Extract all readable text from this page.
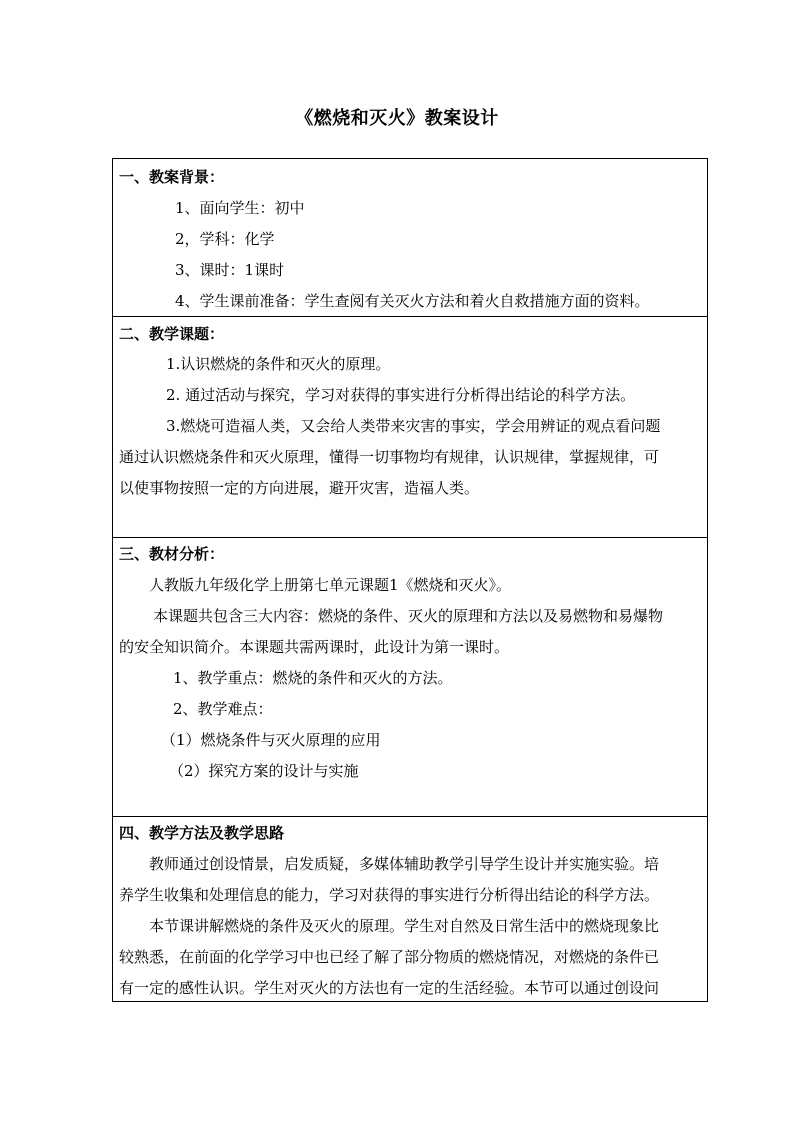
《燃烧和灭火》教案设计
一、教案背景：
1、面向学生：初中
2，学科：化学
3、课时：1课时
4、学生课前准备：学生查阅有关灭火方法和着火自救措施方面的资料。
二、教学课题：
1.认识燃烧的条件和灭火的原理。
2. 通过活动与探究，学习对获得的事实进行分析得出结论的科学方法。
3.燃烧可造福人类，又会给人类带来灾害的事实，学会用辨证的观点看问题
通过认识燃烧条件和灭火原理，懂得一切事物均有规律，认识规律，掌握规律，可
以使事物按照一定的方向进展，避开灾害，造福人类。
三、教材分析：
人教版九年级化学上册第七单元课题1《燃烧和灭火》。
本课题共包含三大内容：燃烧的条件、灭火的原理和方法以及易燃物和易爆物
的安全知识简介。本课题共需两课时，此设计为第一课时。
1、教学重点：燃烧的条件和灭火的方法。
2、教学难点：
（1）燃烧条件与灭火原理的应用
（2）探究方案的设计与实施
四、教学方法及教学思路
教师通过创设情景，启发质疑，多媒体辅助教学引导学生设计并实施实验。培
养学生收集和处理信息的能力，学习对获得的事实进行分析得出结论的科学方法。
本节课讲解燃烧的条件及灭火的原理。学生对自然及日常生活中的燃烧现象比
较熟悉，在前面的化学学习中也已经了解了部分物质的燃烧情况，对燃烧的条件已
有一定的感性认识。学生对灭火的方法也有一定的生活经验。本节可以通过创设问
